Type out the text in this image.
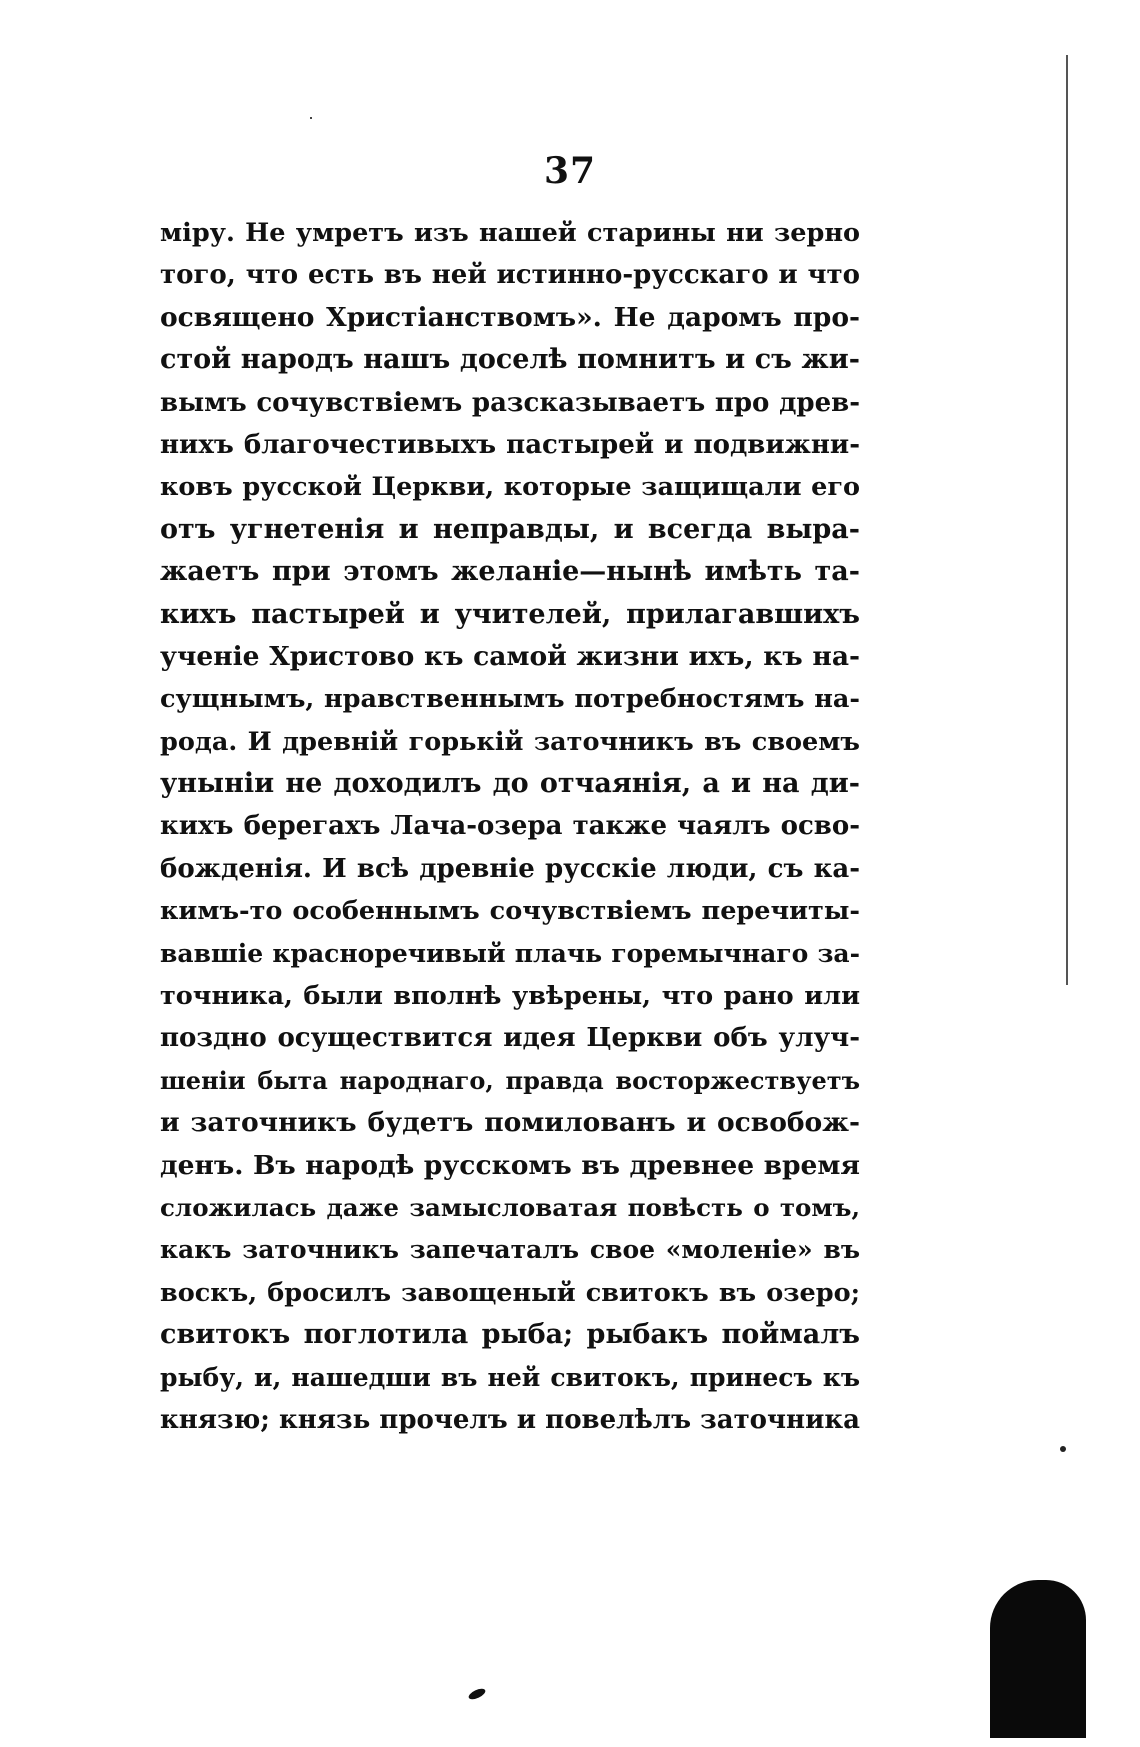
37
міру. Не умретъ изъ нашей старины ни зерно
того, что есть въ ней истинно-русскаго и что
освящено Христіанствомъ». Не даромъ про-
стой народъ нашъ доселѣ помнитъ и съ жи-
вымъ сочувствіемъ разсказываетъ про древ-
нихъ благочестивыхъ пастырей и подвижни-
ковъ русской Церкви, которые защищали его
отъ угнетенія и неправды, и всегда выра-
жаетъ при этомъ желаніе—нынѣ имѣть та-
кихъ пастырей и учителей, прилагавшихъ
ученіе Христово къ самой жизни ихъ, къ на-
сущнымъ, нравственнымъ потребностямъ на-
рода. И древній горькій заточникъ въ своемъ
уныніи не доходилъ до отчаянія, а и на ди-
кихъ берегахъ Лача-озера также чаялъ осво-
божденія. И всѣ древніе русскіе люди, съ ка-
кимъ-то особеннымъ сочувствіемъ перечиты-
вавшіе красноречивый плачь горемычнаго за-
точника, были вполнѣ увѣрены, что рано или
поздно осуществится идея Церкви объ улуч-
шеніи быта народнаго, правда восторжествуетъ
и заточникъ будетъ помилованъ и освобож-
денъ. Въ народѣ русскомъ въ древнее время
сложилась даже замысловатая повѣсть о томъ,
какъ заточникъ запечаталъ свое «моленіе» въ
воскъ, бросилъ завощеный свитокъ въ озеро;
свитокъ поглотила рыба; рыбакъ поймалъ
рыбу, и, нашедши въ ней свитокъ, принесъ къ
князю; князь прочелъ и повелѣлъ заточника
